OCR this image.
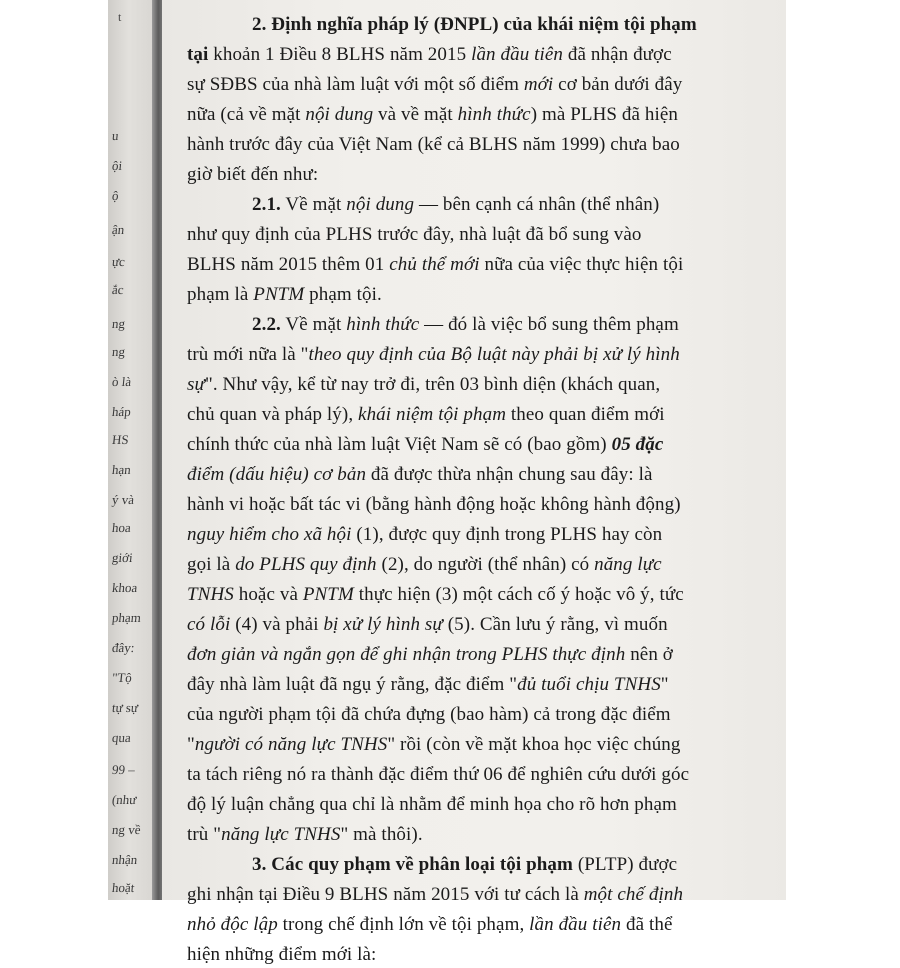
u
ội
ộ
ận
ực
ắc
ng
ng
ò là
háp
HS
hạn
ý và
hoa
giới
khoa
phạm
đây:
"Tộ
tự sự
qua
99 –
(như
ng về
nhận
hoặt
t	2. Định nghĩa pháp lý (ĐNPL) của khái niệm tội phạm
tại khoản 1 Điều 8 BLHS năm 2015 lần đầu tiên đã nhận được
sự SĐBS của nhà làm luật với một số điểm mới cơ bản dưới đây
nữa (cả về mặt nội dung và về mặt hình thức) mà PLHS đã hiện
hành trước đây của Việt Nam (kể cả BLHS năm 1999) chưa bao
giờ biết đến như:
2.1. Về mặt nội dung — bên cạnh cá nhân (thể nhân)
như quy định của PLHS trước đây, nhà luật đã bổ sung vào
BLHS năm 2015 thêm 01 chủ thể mới nữa của việc thực hiện tội
phạm là PNTM phạm tội.
2.2. Về mặt hình thức — đó là việc bổ sung thêm phạm
trù mới nữa là "theo quy định của Bộ luật này phải bị xử lý hình
sự". Như vậy, kể từ nay trở đi, trên 03 bình diện (khách quan,
chủ quan và pháp lý), khái niệm tội phạm theo quan điểm mới
chính thức của nhà làm luật Việt Nam sẽ có (bao gồm) 05 đặc
điểm (dấu hiệu) cơ bản đã được thừa nhận chung sau đây: là
hành vi hoặc bất tác vi (bằng hành động hoặc không hành động)
nguy hiểm cho xã hội (1), được quy định trong PLHS hay còn
gọi là do PLHS quy định (2), do người (thể nhân) có năng lực
TNHS hoặc và PNTM thực hiện (3) một cách cố ý hoặc vô ý, tức
có lỗi (4) và phải bị xử lý hình sự (5). Cần lưu ý rằng, vì muốn
đơn giản và ngắn gọn để ghi nhận trong PLHS thực định nên ở
đây nhà làm luật đã ngụ ý rằng, đặc điểm "đủ tuổi chịu TNHS"
của người phạm tội đã chứa đựng (bao hàm) cả trong đặc điểm
"người có năng lực TNHS" rồi (còn về mặt khoa học việc chúng
ta tách riêng nó ra thành đặc điểm thứ 06 để nghiên cứu dưới góc
độ lý luận chẳng qua chỉ là nhằm để minh họa cho rõ hơn phạm
trù "năng lực TNHS" mà thôi).
3. Các quy phạm về phân loại tội phạm (PLTP) được
ghi nhận tại Điều 9 BLHS năm 2015 với tư cách là một chế định
nhỏ độc lập trong chế định lớn về tội phạm, lần đầu tiên đã thể
hiện những điểm mới là:
